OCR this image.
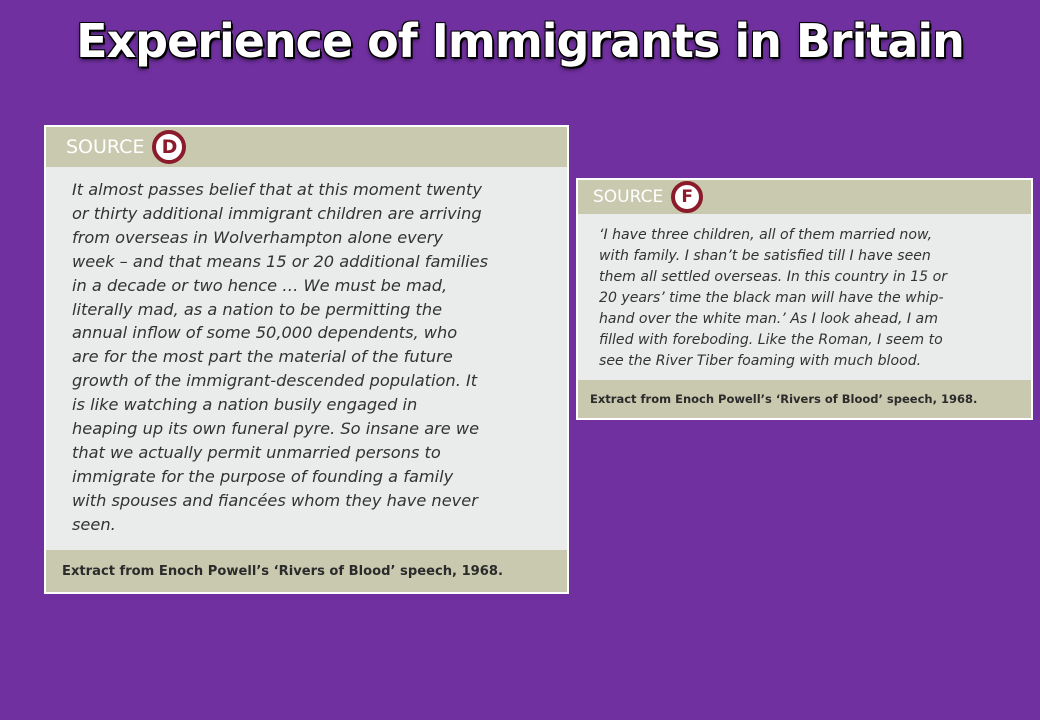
Experience of Immigrants in Britain
SOURCE D
It almost passes belief that at this moment twenty
or thirty additional immigrant children are arriving
from overseas in Wolverhampton alone every
week – and that means 15 or 20 additional families
in a decade or two hence … We must be mad,
literally mad, as a nation to be permitting the
annual inflow of some 50,000 dependents, who
are for the most part the material of the future
growth of the immigrant-descended population. It
is like watching a nation busily engaged in
heaping up its own funeral pyre. So insane are we
that we actually permit unmarried persons to
immigrate for the purpose of founding a family
with spouses and fiancées whom they have never
seen.
Extract from Enoch Powell’s ‘Rivers of Blood’ speech, 1968.
SOURCE	F
‘I have three children, all of them married now,
with family. I shan’t be satisfied till I have seen
them all settled overseas. In this country in 15 or
20 years’ time the black man will have the whip-
hand over the white man.’ As I look ahead, I am
filled with foreboding. Like the Roman, I seem to
see the River Tiber foaming with much blood.
Extract from Enoch Powell’s ‘Rivers of Blood’ speech, 1968.
